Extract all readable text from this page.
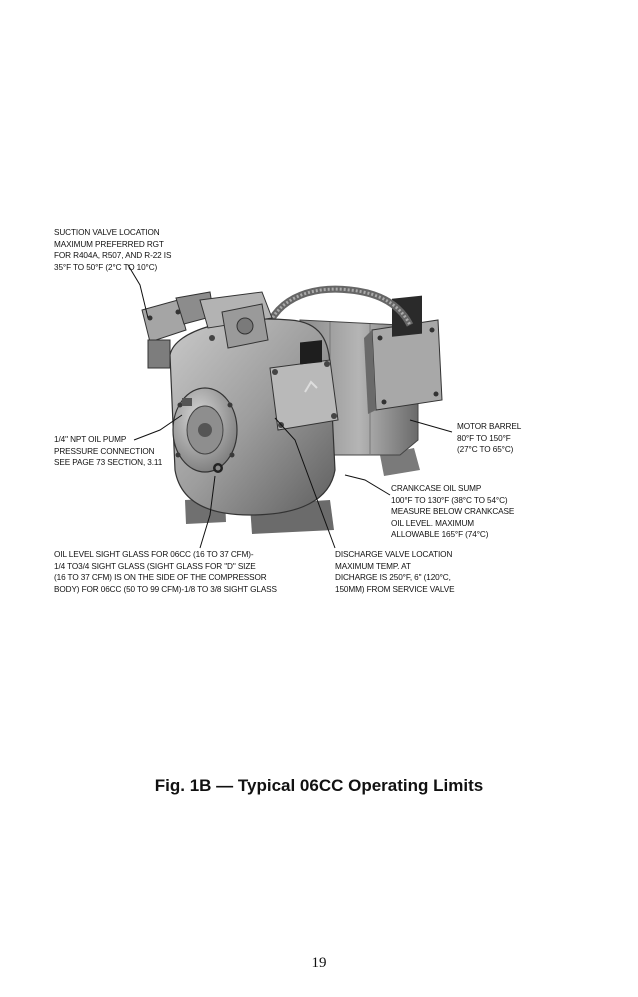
SUCTION VALVE LOCATION
MAXIMUM PREFERRED RGT
FOR R404A, R507, AND R-22 IS
35°F TO 50°F (2°C TO 10°C)
1/4" NPT OIL PUMP
PRESSURE CONNECTION
SEE PAGE 73 SECTION, 3.11
MOTOR BARREL
80°F TO 150°F
(27°C TO 65°C)
CRANKCASE OIL SUMP
100°F TO 130°F (38°C TO 54°C)
MEASURE BELOW CRANKCASE
OIL LEVEL. MAXIMUM
ALLOWABLE 165°F (74°C)
OIL LEVEL SIGHT GLASS FOR 06CC (16 TO 37 CFM)-
1/4 TO3/4 SIGHT GLASS (SIGHT GLASS FOR "D" SIZE
(16 TO 37 CFM) IS ON THE SIDE OF THE COMPRESSOR
BODY) FOR 06CC (50 TO 99 CFM)-1/8 TO 3/8 SIGHT GLASS
DISCHARGE VALVE LOCATION
MAXIMUM TEMP. AT
DICHARGE IS 250°F, 6" (120°C,
150MM) FROM SERVICE VALVE
Fig. 1B — Typical 06CC Operating Limits
19
